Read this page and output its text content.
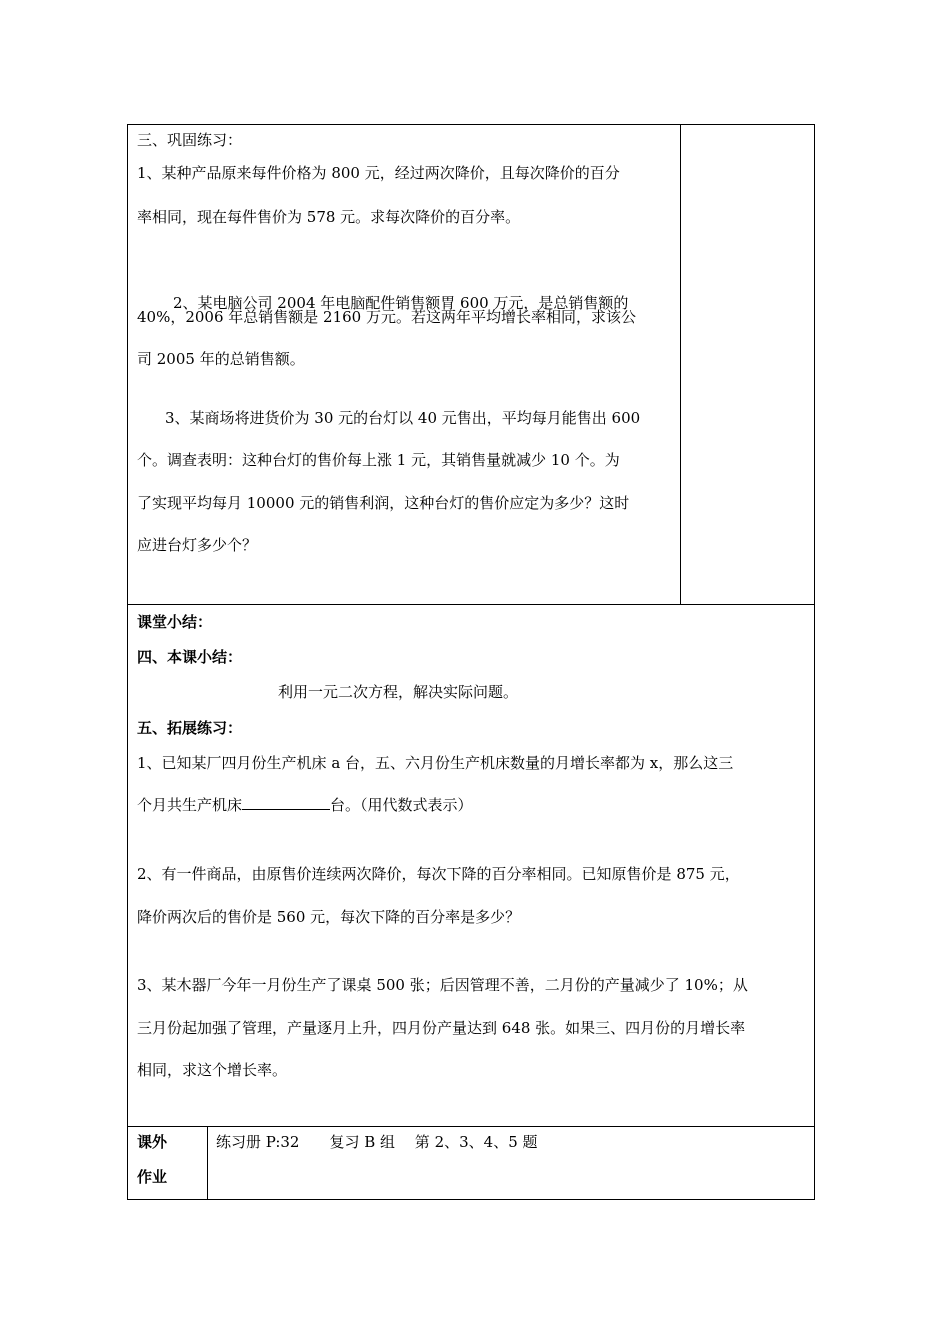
三、巩固练习：
1、某种产品原来每件价格为 800 元，经过两次降价，且每次降价的百分
率相同，现在每件售价为 578 元。求每次降价的百分率。
2、某电脑公司 2004 年电脑配件销售额胃 600 万元，是总销售额的
40%，2006 年总销售额是 2160 万元。若这两年平均增长率相同，求该公
司 2005 年的总销售额。
3、某商场将进货价为 30 元的台灯以 40 元售出，平均每月能售出 600
个。调查表明：这种台灯的售价每上涨 1 元，其销售量就减少 10 个。为
了实现平均每月 10000 元的销售利润，这种台灯的售价应定为多少？这时
应进台灯多少个？
课堂小结：
四、本课小结：
利用一元二次方程，解决实际问题。
五、拓展练习：
1、已知某厂四月份生产机床 a 台，五、六月份生产机床数量的月增长率都为 x，那么这三
个月共生产机床	台。（用代数式表示）
2、有一件商品，由原售价连续两次降价，每次下降的百分率相同。已知原售价是 875 元，
降价两次后的售价是 560 元，每次下降的百分率是多少？
3、某木器厂今年一月份生产了课桌 500 张；后因管理不善，二月份的产量减少了 10%；从
三月份起加强了管理，产量逐月上升，四月份产量达到 648 张。如果三、四月份的月增长率
相同，求这个增长率。
课外
作业
练习册 P:32　　复习 B 组　 第 2、3、4、5 题
